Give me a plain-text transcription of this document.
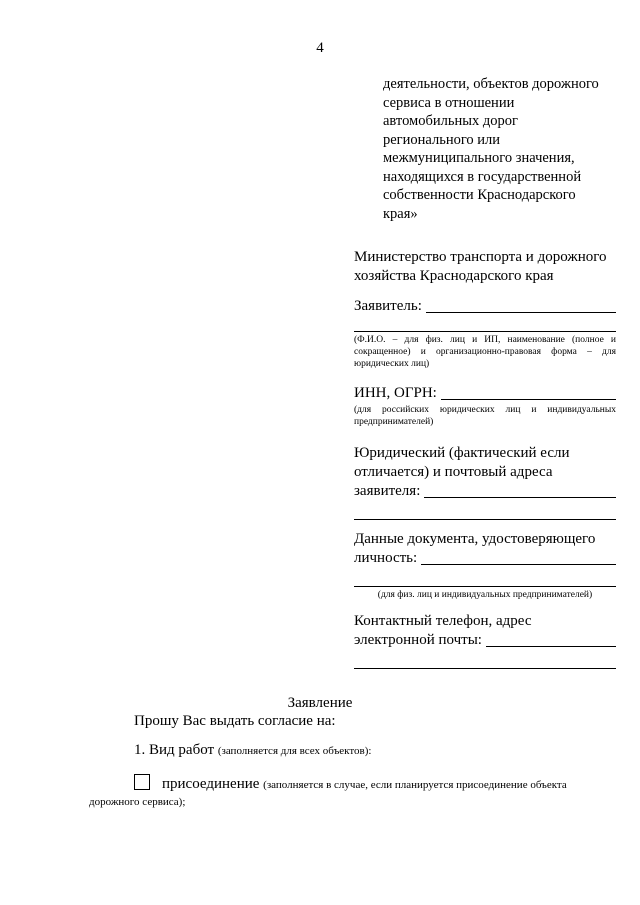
4
деятельности, объектов дорожного
сервиса в отношении
автомобильных дорог
регионального или
межмуниципального значения,
находящихся в государственной
собственности Краснодарского
края»
Министерство транспорта и дорожного
хозяйства Краснодарского края
Заявитель:
(Ф.И.О. – для физ. лиц и ИП, наименование (полное и сокращенное) и организационно-правовая форма – для юридических лиц)
ИНН, ОГРН:
(для российских юридических лиц и индивидуальных предпринимателей)
Юридический (фактический если
отличается) и почтовый адреса
заявителя:
Данные документа, удостоверяющего
личность:
(для физ. лиц и индивидуальных предпринимателей)
Контактный телефон, адрес
электронной почты:
Заявление
Прошу Вас выдать согласие на:
1. Вид работ (заполняется для всех объектов):
присоединение (заполняется в случае, если планируется присоединение объекта
дорожного сервиса);
